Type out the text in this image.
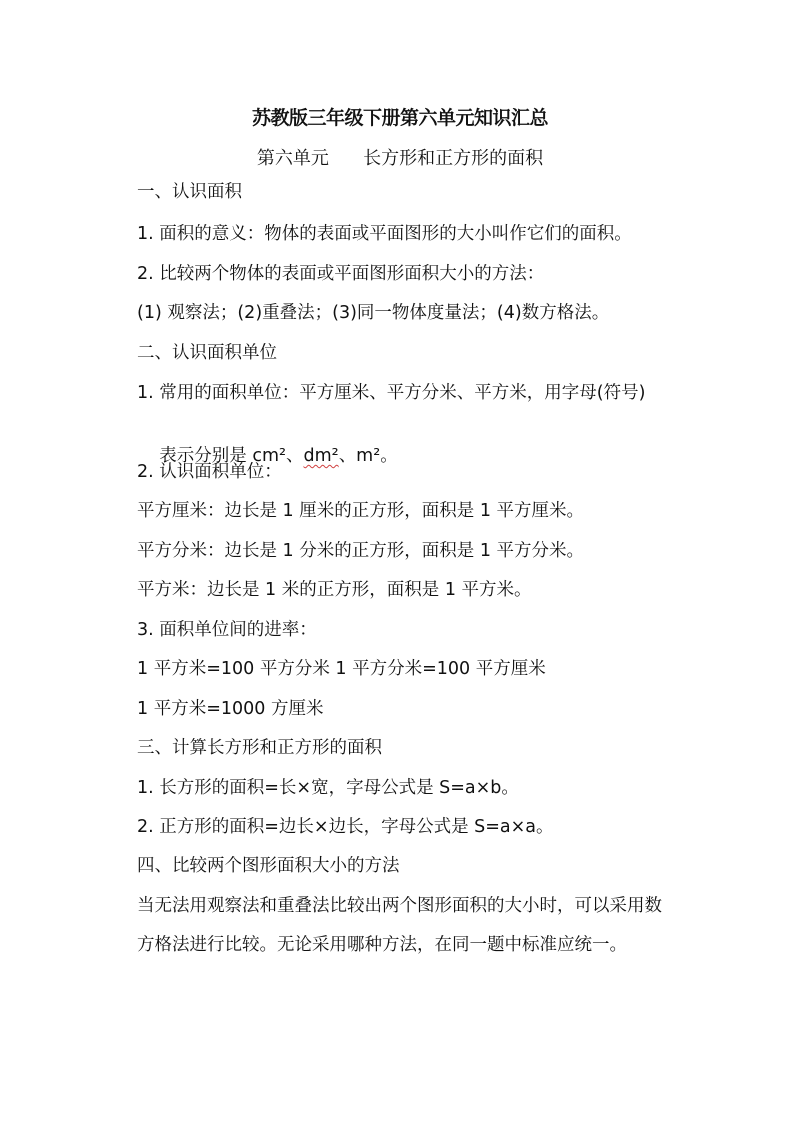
苏教版三年级下册第六单元知识汇总
第六单元      长方形和正方形的面积
一、认识面积
1. 面积的意义：物体的表面或平面图形的大小叫作它们的面积。
2. 比较两个物体的表面或平面图形面积大小的方法：
(1) 观察法；(2)重叠法；(3)同一物体度量法；(4)数方格法。
二、认识面积单位
1. 常用的面积单位：平方厘米、平方分米、平方米，用字母(符号)

表示分别是 cm²、dm²、m²。

2. 认识面积单位：
平方厘米：边长是 1 厘米的正方形，面积是 1 平方厘米。
平方分米：边长是 1 分米的正方形，面积是 1 平方分米。
平方米：边长是 1 米的正方形，面积是 1 平方米。
3. 面积单位间的进率：
1 平方米=100 平方分米 1 平方分米=100 平方厘米
1 平方米=1000 方厘米
三、计算长方形和正方形的面积
1. 长方形的面积=长×宽，字母公式是 S=a×b。
2. 正方形的面积=边长×边长，字母公式是 S=a×a。
四、比较两个图形面积大小的方法
当无法用观察法和重叠法比较出两个图形面积的大小时，可以采用数
方格法进行比较。无论采用哪种方法，在同一题中标准应统一。
